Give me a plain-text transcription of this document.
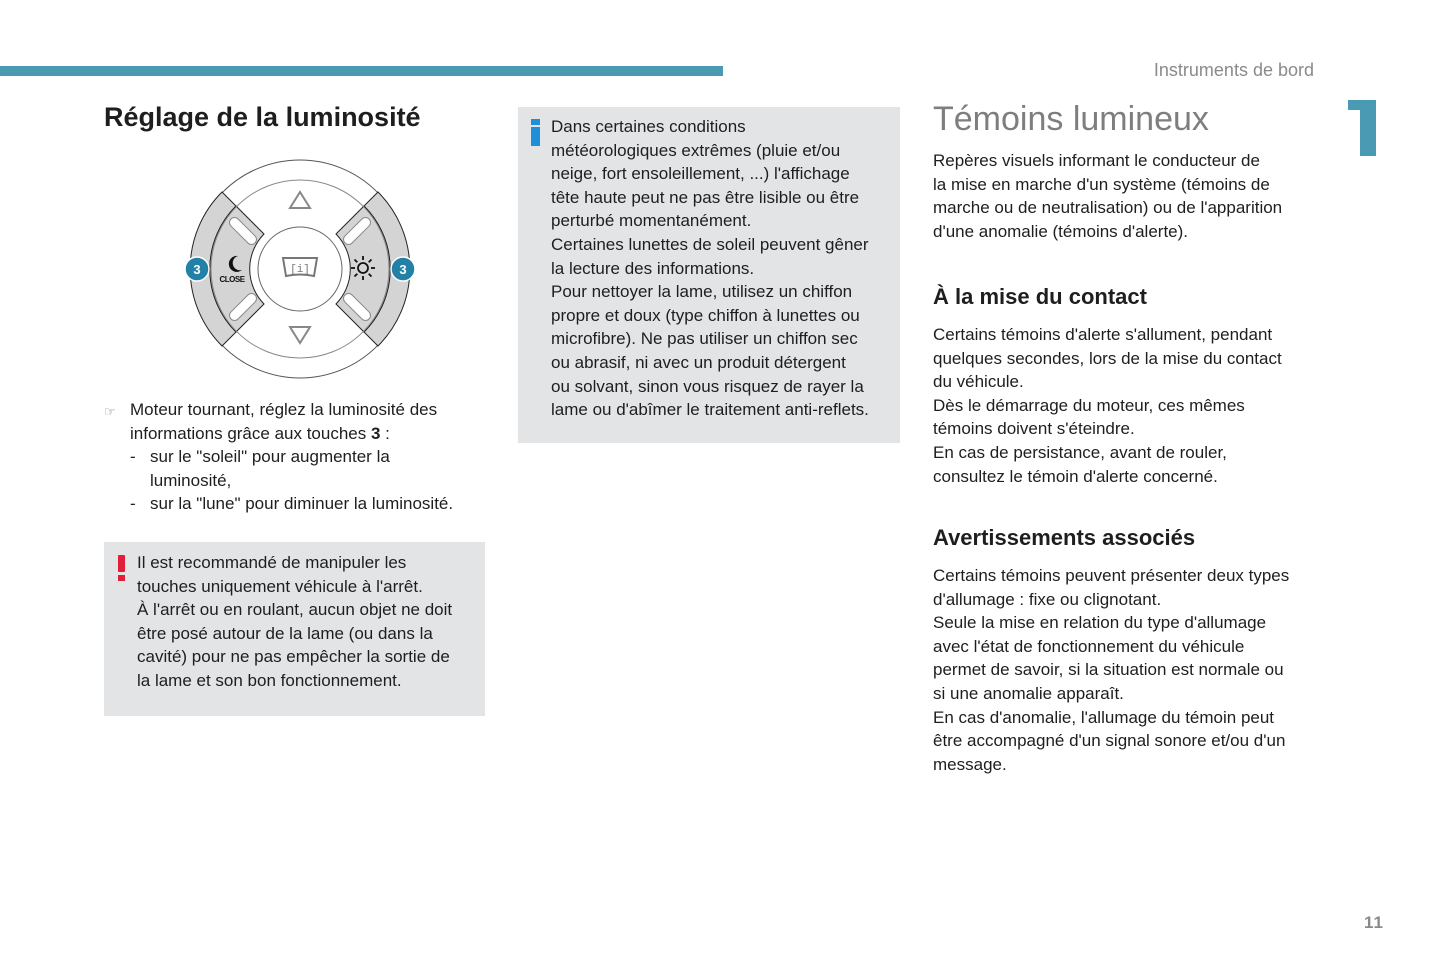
Instruments de bord
Réglage de la luminosité
[i]
CLOSE
3	3
☞ Moteur tournant, réglez la luminosité des
informations grâce aux touches 3 :
- sur le "soleil" pour augmenter la
luminosité,
- sur la "lune" pour diminuer la luminosité.
Il est recommandé de manipuler les
touches uniquement véhicule à l'arrêt.
À l'arrêt ou en roulant, aucun objet ne doit
être posé autour de la lame (ou dans la
cavité) pour ne pas empêcher la sortie de
la lame et son bon fonctionnement.
Dans certaines conditions
météorologiques extrêmes (pluie et/ou
neige, fort ensoleillement, ...) l'affichage
tête haute peut ne pas être lisible ou être
perturbé momentanément.
Certaines lunettes de soleil peuvent gêner
la lecture des informations.
Pour nettoyer la lame, utilisez un chiffon
propre et doux (type chiffon à lunettes ou
microfibre). Ne pas utiliser un chiffon sec
ou abrasif, ni avec un produit détergent
ou solvant, sinon vous risquez de rayer la
lame ou d'abîmer le traitement anti-reflets.
Témoins lumineux

Repères visuels informant le conducteur de
la mise en marche d'un système (témoins de
marche ou de neutralisation) ou de l'apparition
d'une anomalie (témoins d'alerte).

À la mise du contact

Certains témoins d'alerte s'allument, pendant
quelques secondes, lors de la mise du contact
du véhicule.
Dès le démarrage du moteur, ces mêmes
témoins doivent s'éteindre.
En cas de persistance, avant de rouler,
consultez le témoin d'alerte concerné.

Avertissements associés

Certains témoins peuvent présenter deux types
d'allumage : fixe ou clignotant.
Seule la mise en relation du type d'allumage
avec l'état de fonctionnement du véhicule
permet de savoir, si la situation est normale ou
si une anomalie apparaît.
En cas d'anomalie, l'allumage du témoin peut
être accompagné d'un signal sonore et/ou d'un
message.

11
